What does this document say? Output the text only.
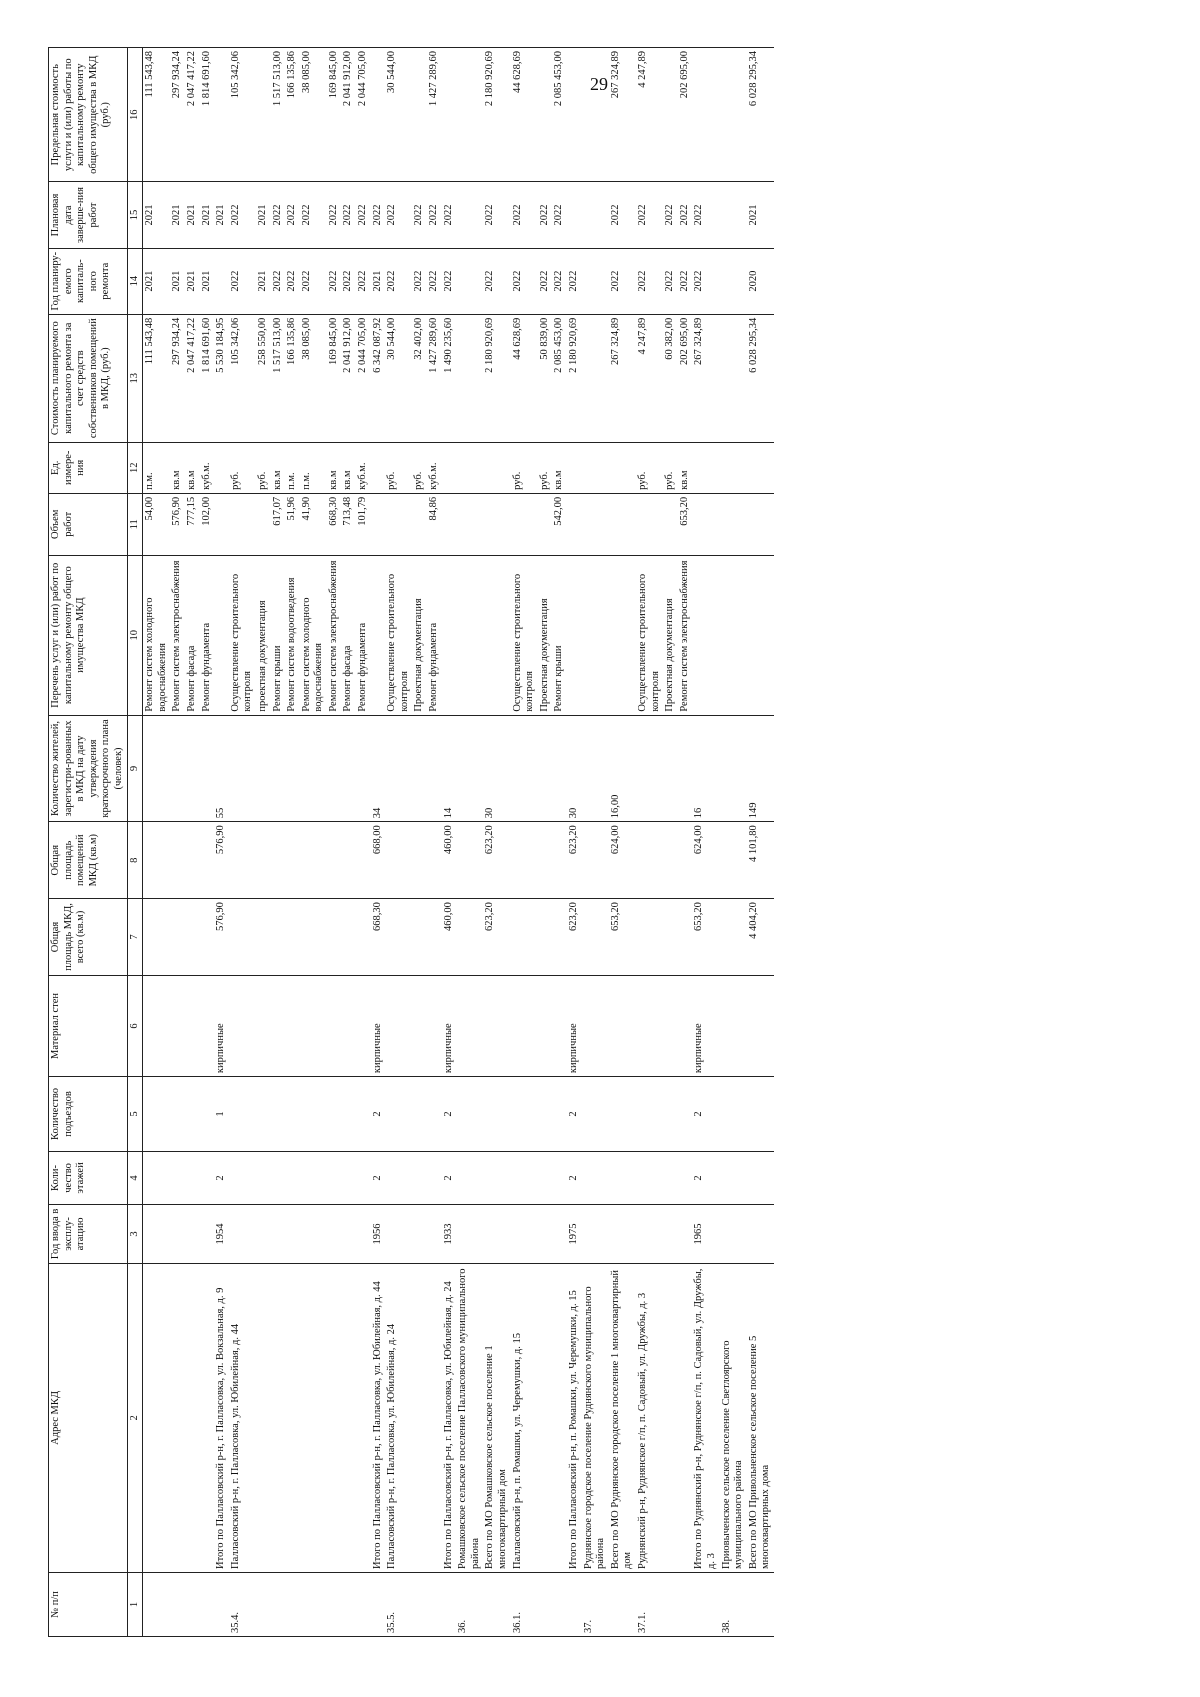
29
№ п/п	Адрес МКД	Год ввода в эксплу-атацию	Коли-чество этажей	Количество подъездов	Материал стен	Общая площадь МКД, всего (кв.м)	Общая площадь помещений МКД (кв.м)	Количество жителей, зарегистри-рованных в МКД на дату утверждения краткосрочного плана (человек)	Перечень услуг и (или) работ по капитальному ремонту общего имущества МКД	Объем работ	Ед. измере-ния	Стоимость планируемого капитального ремонта за счет средств собственников помещений в МКД, (руб.)	Год планиру-емого капиталь-ного ремонта	Плановая дата заверше-ния работ	Предельная стоимость услуги и (или) работы по капитальному ремонту общего имущества в МКД (руб.)
1	2	3	4	5	6	7	8	9	10	11	12	13	14	15	16
									Ремонт систем холодного водоснабжения	54,00	п.м.	111 543,48	2021	2021	111 543,48
									Ремонт систем электроснабжения	576,90	кв.м	297 934,24	2021	2021	297 934,24
									Ремонт фасада	777,15	кв.м	2 047 417,22	2021	2021	2 047 417,22
									Ремонт фундамента	102,00	куб.м.	1 814 691,60	2021	2021	1 814 691,60
	Итого по Палласовский р-н, г. Палласовка, ул. Вокзальная, д. 9	1954	2	1	кирпичные	576,90	576,90	55				5 530 184,95		2021	
35.4.	Палласовский р-н, г. Палласовка, ул. Юбилейная, д. 44								Осуществление строительного контроля		руб.	105 342,06	2022	2022	105 342,06
									проектная документация		руб.	258 550,00	2021	2021	
									Ремонт крыши	617,07	кв.м	1 517 513,00	2022	2022	1 517 513,00
									Ремонт систем водоотведения	51,96	п.м.	166 135,86	2022	2022	166 135,86
									Ремонт систем холодного водоснабжения	41,90	п.м.	38 085,00	2022	2022	38 085,00
									Ремонт систем электроснабжения	668,30	кв.м	169 845,00	2022	2022	169 845,00
									Ремонт фасада	713,48	кв.м	2 041 912,00	2022	2022	2 041 912,00
									Ремонт фундамента	101,79	куб.м.	2 044 705,00	2022	2022	2 044 705,00
	Итого по Палласовский р-н, г. Палласовка, ул. Юбилейная, д. 44	1956	2	2	кирпичные	668,30	668,00	34				6 342 087,92	2021	2022	
35.5.	Палласовский р-н, г. Палласовка, ул. Юбилейная, д. 24								Осуществление строительного контроля		руб.	30 544,00	2022	2022	30 544,00
									Проектная документация		руб.	32 402,00	2022	2022	
									Ремонт фундамента	84,86	куб.м.	1 427 289,60	2022	2022	1 427 289,60
	Итого по Палласовский р-н, г. Палласовка, ул. Юбилейная, д. 24	1933	2	2	кирпичные	460,00	460,00	14				1 490 235,60	2022	2022	
36.	Ромашковское сельское поселение Палласовского муниципального района														
	Всего по МО Ромашковское сельское поселение 1 многоквартирный дом					623,20	623,20	30				2 180 920,69	2022	2022	2 180 920,69
36.1.	Палласовский р-н, п. Ромашки, ул. Черемушки, д. 15								Осуществление строительного контроля		руб.	44 628,69	2022	2022	44 628,69
									Проектная документация		руб.	50 839,00	2022	2022	
									Ремонт крыши	542,00	кв.м	2 085 453,00	2022	2022	2 085 453,00
	Итого по Палласовский р-н, п. Ромашки, ул. Черемушки, д. 15	1975	2	2	кирпичные	623,20	623,20	30				2 180 920,69	2022		
37.	Руднянское городское поселение Руднянского муниципального района														
	Всего по МО Руднянское городское поселение 1 многоквартирный дом					653,20	624,00	16,00				267 324,89	2022	2022	267 324,89
37.1.	Руднянский р-н, Руднянское г/п, п. Садовый, ул. Дружбы, д. 3								Осуществление строительного контроля		руб.	4 247,89	2022	2022	4 247,89
									Проектная документация		руб.	60 382,00	2022	2022	
									Ремонт систем электроснабжения	653,20	кв.м	202 695,00	2022	2022	202 695,00
	Итого по Руднянский р-н, Руднянское г/п, п. Садовый, ул. Дружбы, д. 3	1965	2	2	кирпичные	653,20	624,00	16				267 324,89	2022	2022	
38.	Приовыченское сельское поселение Светлоярского муниципального района														
	Всего по МО Привольненское сельское поселение 5 многоквартирных дома					4 404,20	4 101,80	149				6 028 295,34	2020	2021	6 028 295,34
